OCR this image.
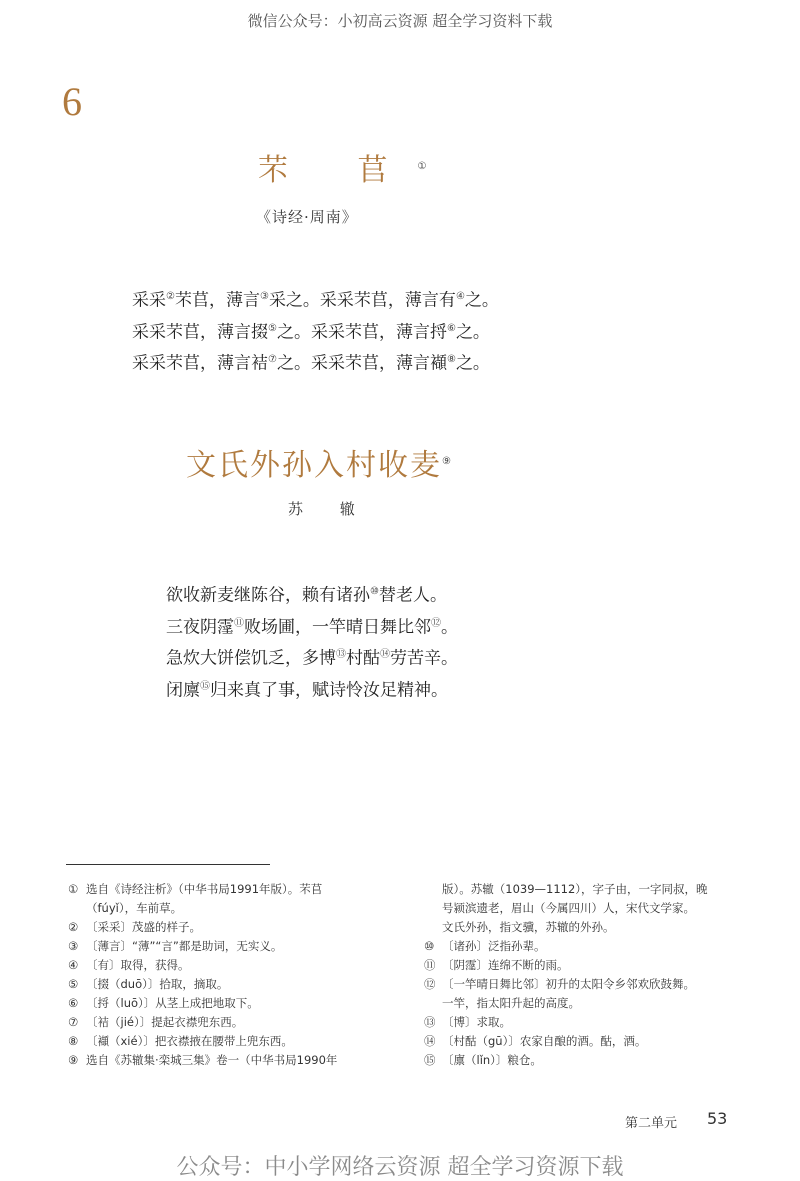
微信公众号：小初高云资源 超全学习资料下载
6
芣 苢①
《诗经·周南》
采采②芣苢，薄言③采之。采采芣苢，薄言有④之。
采采芣苢，薄言掇⑤之。采采芣苢，薄言捋⑥之。
采采芣苢，薄言袺⑦之。采采芣苢，薄言襭⑧之。
文氏外孙入村收麦⑨
苏 辙
欲收新麦继陈谷，赖有诸孙⑩替老人。
三夜阴霪⑪败场圃，一竿晴日舞比邻⑫。
急炊大饼偿饥乏，多博⑬村酤⑭劳苦辛。
闭廪⑮归来真了事，赋诗怜汝足精神。
① 选自《诗经注析》（中华书局1991年版）。芣苢
（fúyǐ），车前草。
② 〔采采〕茂盛的样子。
③ 〔薄言〕“薄”“言”都是助词，无实义。
④ 〔有〕取得，获得。
⑤ 〔掇（duō）〕拾取，摘取。
⑥ 〔捋（luō）〕从茎上成把地取下。
⑦ 〔袺（jié）〕提起衣襟兜东西。
⑧ 〔襭（xié）〕把衣襟掖在腰带上兜东西。
⑨ 选自《苏辙集·栾城三集》卷一（中华书局1990年
版）。苏辙（1039—1112），字子由，一字同叔，晚
号颍滨遗老，眉山（今属四川）人，宋代文学家。
文氏外孙，指文骥，苏辙的外孙。
⑩ 〔诸孙〕泛指孙辈。
⑪ 〔阴霪〕连绵不断的雨。
⑫ 〔一竿晴日舞比邻〕初升的太阳令乡邻欢欣鼓舞。
一竿，指太阳升起的高度。
⑬ 〔博〕求取。
⑭ 〔村酤（gū）〕农家自酿的酒。酤，酒。
⑮ 〔廪（lǐn）〕粮仓。
第二单元 53
公众号：中小学网络云资源 超全学习资源下载
